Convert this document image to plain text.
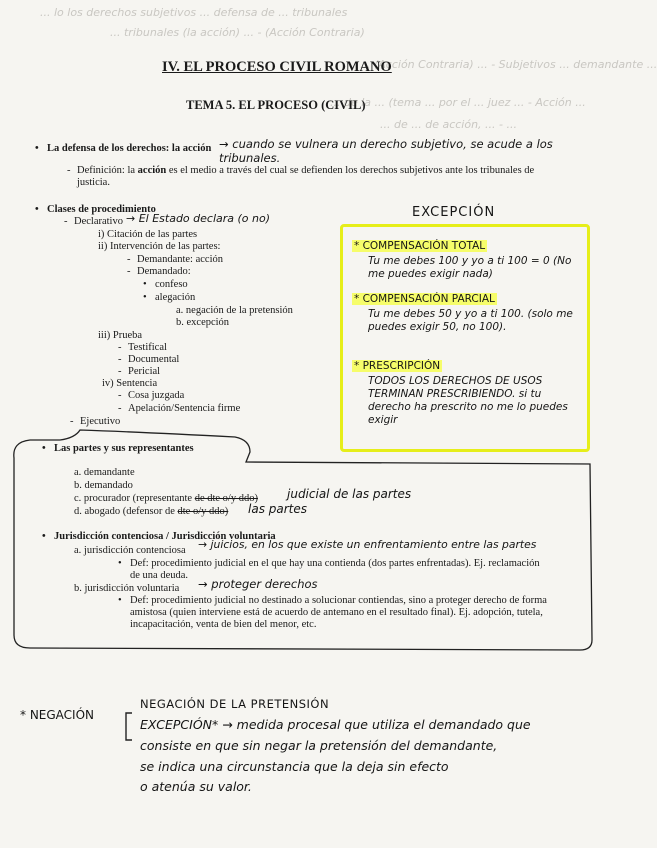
... lo los derechos subjetivos ... defensa de ... tribunales
... tribunales (la acción) ... - (Acción Contraria)
... (Acción Contraria) ... - Subjetivos ... demandante ...
... de la ... (tema ... por el ... juez ... - Acción ...
... de ... de acción, ... - ...
IV. EL PROCESO CIVIL ROMANO
TEMA 5. EL PROCESO (CIVIL)
• La defensa de los derechos: la acción → cuando se vulnera un derecho subjetivo, se acude a los tribunales.
- Definición: la acción es el medio a través del cual se defienden los derechos subjetivos ante los tribunales de justicia.
• Clases de procedimiento
- Declarativo → El Estado declara (o no)
i) Citación de las partes
ii) Intervención de las partes:
- Demandante: acción
- Demandado:
• confeso
• alegación
a. negación de la pretensión
b. excepción
iii) Prueba
- Testifical
- Documental
- Pericial
iv) Sentencia
- Cosa juzgada
- Apelación/Sentencia firme
- Ejecutivo
EXCEPCIÓN
* COMPENSACIÓN TOTAL
Tu me debes 100 y yo a ti 100 = 0 (No me puedes exigir nada)
* COMPENSACIÓN PARCIAL
Tu me debes 50 y yo a ti 100. (solo me puedes exigir 50, no 100).
* PRESCRIPCIÓN
TODOS LOS DERECHOS DE USOS TERMINAN PRESCRIBIENDO. si tu derecho ha prescrito no me lo puedes exigir
• Las partes y sus representantes
a. demandante
b. demandado
c. procurador (representante de dte o/y ddo) judicial de las partes
d. abogado (defensor de dte o/y ddo) las partes
• Jurisdicción contenciosa / Jurisdicción voluntaria
a. jurisdicción contenciosa → juicios, en los que existe un enfrentamiento entre las partes
• Def: procedimiento judicial en el que hay una contienda (dos partes enfrentadas). Ej. reclamación de una deuda.
b. jurisdicción voluntaria → proteger derechos
• Def: procedimiento judicial no destinado a solucionar contiendas, sino a proteger derecho de forma amistosa (quien interviene está de acuerdo de antemano en el resultado final). Ej. adopción, tutela, incapacitación, venta de bien del menor, etc.
* NEGACIÓN
NEGACIÓN DE LA PRETENSIÓN
EXCEPCIÓN* → medida procesal que utiliza el demandado que
consiste en que sin negar la pretensión del demandante,
se indica una circunstancia que la deja sin efecto
o atenúa su valor.
